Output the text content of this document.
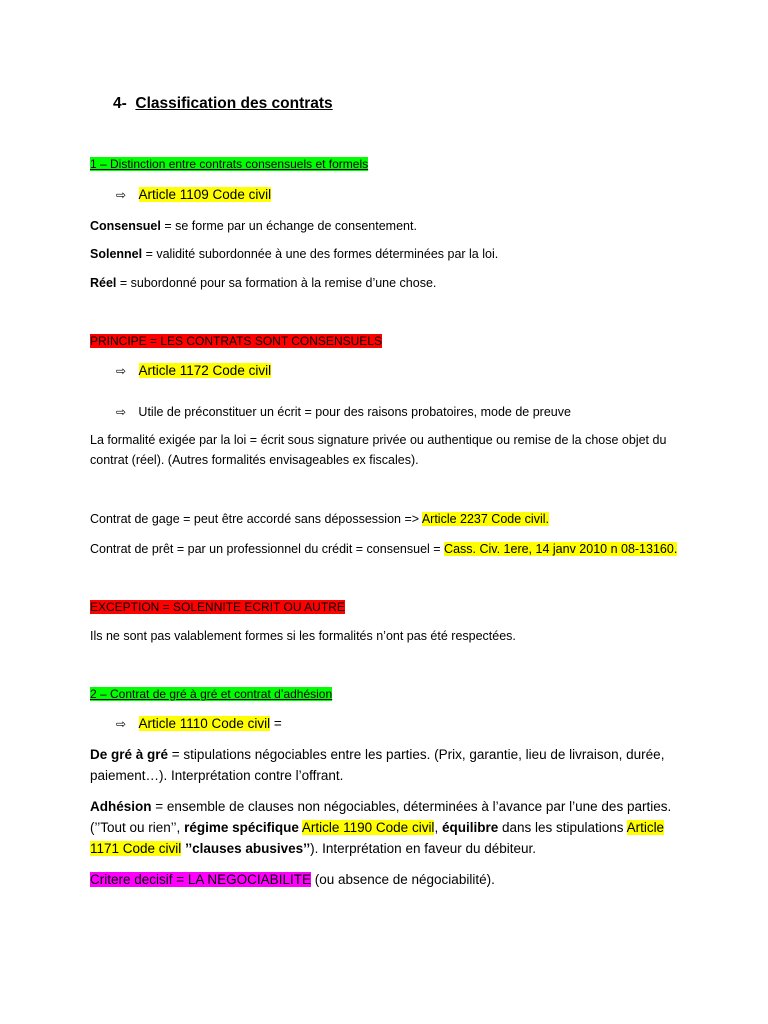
4- Classification des contrats
1 – Distinction entre contrats consensuels et formels
⇨ Article 1109 Code civil
Consensuel = se forme par un échange de consentement.
Solennel = validité subordonnée à une des formes déterminées par la loi.
Réel = subordonné pour sa formation à la remise d’une chose.
PRINCIPE = LES CONTRATS SONT CONSENSUELS
⇨ Article 1172 Code civil
⇨ Utile de préconstituer un écrit = pour des raisons probatoires, mode de preuve
La formalité exigée par la loi = écrit sous signature privée ou authentique ou remise de la chose objet du
contrat (réel). (Autres formalités envisageables ex fiscales).
Contrat de gage = peut être accordé sans dépossession => Article 2237 Code civil.
Contrat de prêt = par un professionnel du crédit = consensuel = Cass. Civ. 1ere, 14 janv 2010 n 08-13160.
EXCEPTION = SOLENNITE ECRIT OU AUTRE
Ils ne sont pas valablement formes si les formalités n’ont pas été respectées.
2 – Contrat de gré à gré et contrat d’adhésion
⇨ Article 1110 Code civil =
De gré à gré = stipulations négociables entre les parties. (Prix, garantie, lieu de livraison, durée,
paiement…). Interprétation contre l’offrant.
Adhésion = ensemble de clauses non négociables, déterminées à l’avance par l’une des parties.
(’’Tout ou rien’’, régime spécifique Article 1190 Code civil, équilibre dans les stipulations Article
1171 Code civil ’’clauses abusives’’). Interprétation en faveur du débiteur.
Critere decisif = LA NEGOCIABILITE (ou absence de négociabilité).
